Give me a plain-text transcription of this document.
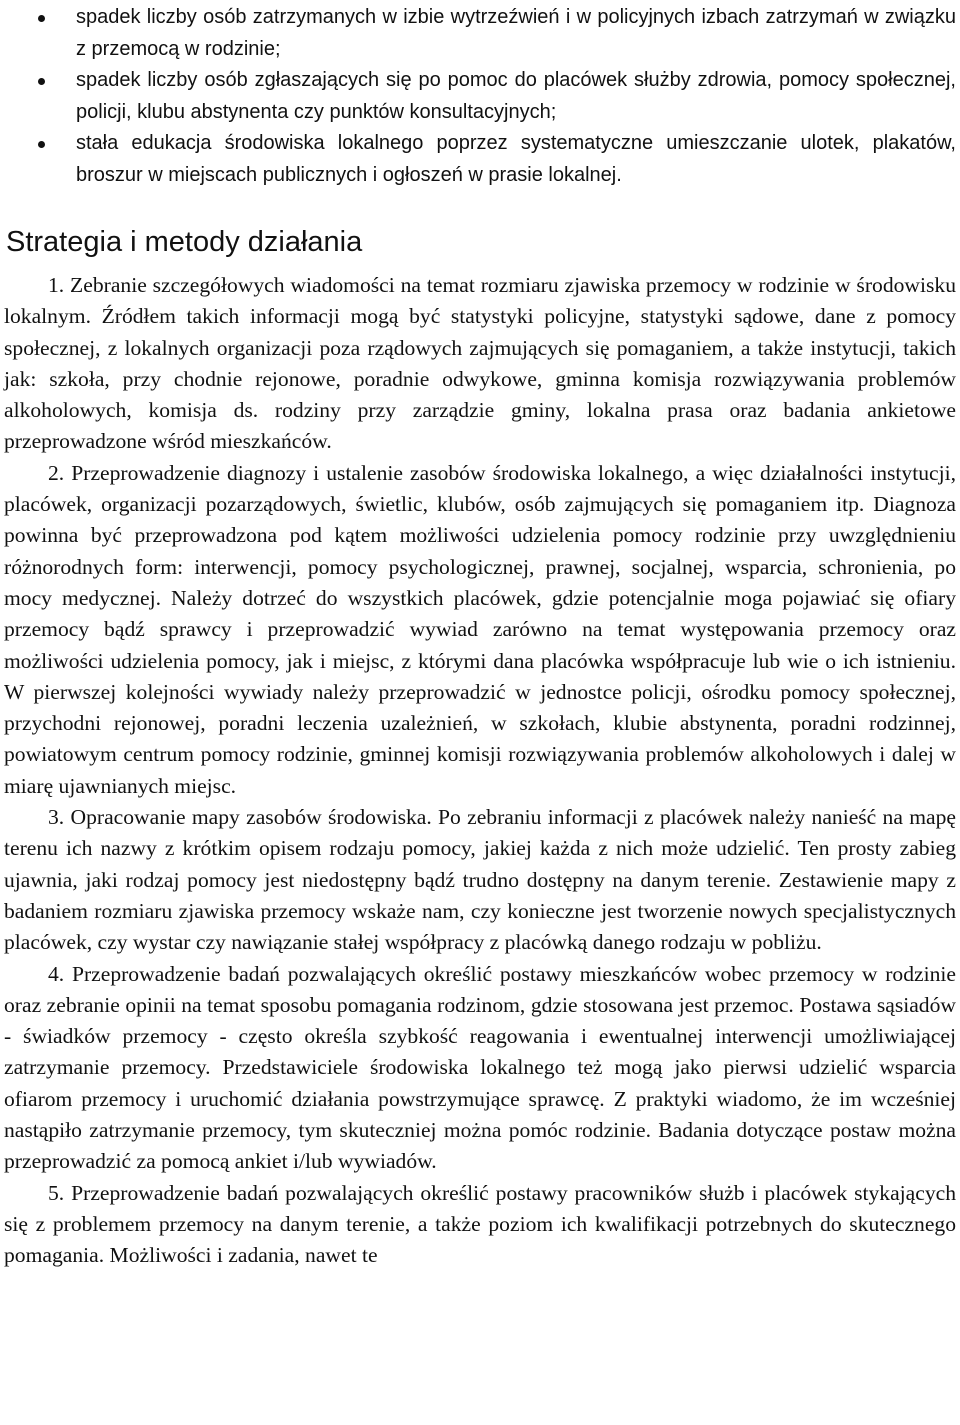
spadek liczby osób zatrzymanych w izbie wytrzeźwień i w policyjnych izbach zatrzymań w związku z przemocą w rodzinie;
spadek liczby osób zgłaszających się po pomoc do placówek służby zdrowia, pomocy społecznej, policji, klubu abstynenta czy punktów konsultacyjnych;
stała edukacja środowiska lokalnego poprzez systematyczne umieszczanie ulotek, plakatów, broszur w miejscach publicznych i ogłoszeń w prasie lokalnej.
Strategia i metody działania

1. Zebranie szczegółowych wiadomości na temat rozmiaru zjawiska przemocy w rodzinie w środowisku lokalnym. Źródłem takich informacji mogą być statystyki policyjne, statystyki sądowe, dane z pomocy społecznej, z lokalnych organizacji poza rządowych zajmujących się pomaganiem, a także instytucji, takich jak: szkoła, przy chodnie rejonowe, poradnie odwykowe, gminna komisja rozwiązywania problemów alkoholowych, komisja ds. rodziny przy zarządzie gminy, lokalna prasa oraz badania ankietowe przeprowadzone wśród mieszkańców.

2. Przeprowadzenie diagnozy i ustalenie zasobów środowiska lokalnego, a więc działalności instytucji, placówek, organizacji pozarządowych, świetlic, klubów, osób zajmujących się pomaganiem itp. Diagnoza powinna być przeprowadzona pod kątem możliwości udzielenia pomocy rodzinie przy uwzględnieniu różnorodnych form: interwencji, pomocy psychologicznej, prawnej, socjalnej, wsparcia, schronienia, po mocy medycznej. Należy dotrzeć do wszystkich placówek, gdzie potencjalnie moga pojawiać się ofiary przemocy bądź sprawcy i przeprowadzić wywiad zarówno na temat występowania przemocy oraz możliwości udzielenia pomocy, jak i miejsc, z którymi dana placówka współpracuje lub wie o ich istnieniu. W pierwszej kolejności wywiady należy przeprowadzić w jednostce policji, ośrodku pomocy społecznej, przychodni rejonowej, poradni leczenia uzależnień, w szkołach, klubie abstynenta, poradni rodzinnej, powiatowym centrum pomocy rodzinie, gminnej komisji rozwiązywania problemów alkoholowych i dalej w miarę ujawnianych miejsc.

3. Opracowanie mapy zasobów środowiska. Po zebraniu informacji z placówek należy nanieść na mapę terenu ich nazwy z krótkim opisem rodzaju pomocy, jakiej każda z nich może udzielić. Ten prosty zabieg ujawnia, jaki rodzaj pomocy jest niedostępny bądź trudno dostępny na danym terenie. Zestawienie mapy z badaniem rozmiaru zjawiska przemocy wskaże nam, czy konieczne jest tworzenie nowych specjalistycznych placówek, czy wystar czy nawiązanie stałej współpracy z placówką danego rodzaju w pobliżu.

4. Przeprowadzenie badań pozwalających określić postawy mieszkańców wobec przemocy w rodzinie oraz zebranie opinii na temat sposobu pomagania rodzinom, gdzie stosowana jest przemoc. Postawa sąsiadów - świadków przemocy - często określa szybkość reagowania i ewentualnej interwencji umożliwiającej zatrzymanie przemocy. Przedstawiciele środowiska lokalnego też mogą jako pierwsi udzielić wsparcia ofiarom przemocy i uruchomić działania powstrzymujące sprawcę. Z praktyki wiadomo, że im wcześniej nastąpiło zatrzymanie przemocy, tym skuteczniej można pomóc rodzinie. Badania dotyczące postaw można przeprowadzić za pomocą ankiet i/lub wywiadów.

5. Przeprowadzenie badań pozwalających określić postawy pracowników służb i placówek stykających się z problemem przemocy na danym terenie, a także poziom ich kwalifikacji potrzebnych do skutecznego pomagania. Możliwości i zadania, nawet te
